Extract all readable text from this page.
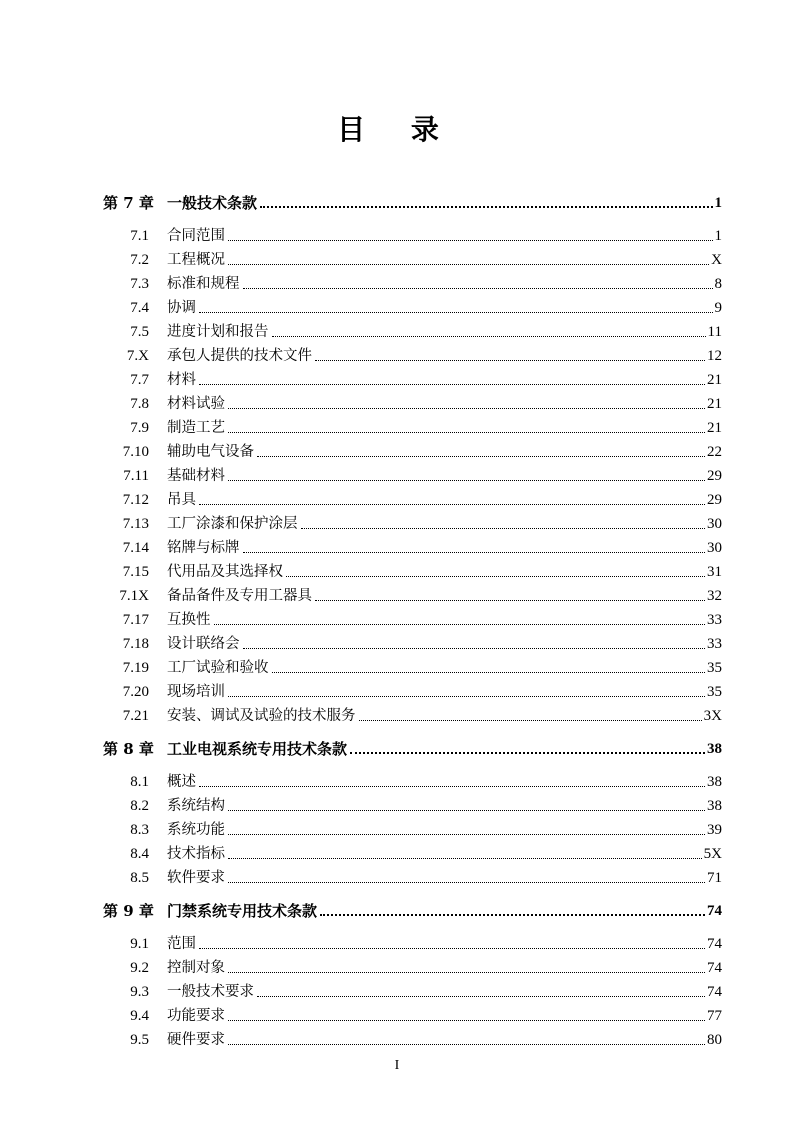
目 录
第 7 章 一般技术条款	1
7.1 合同范围	1
7.2 工程概况	X
7.3 标准和规程	8
7.4 协调	9
7.5 进度计划和报告	11
7.X 承包人提供的技术文件	12
7.7 材料	21
7.8 材料试验	21
7.9 制造工艺	21
7.10 辅助电气设备	22
7.11 基础材料	29
7.12 吊具	29
7.13 工厂涂漆和保护涂层	30
7.14 铭牌与标牌	30
7.15 代用品及其选择权	31
7.1X 备品备件及专用工器具	32
7.17 互换性	33
7.18 设计联络会	33
7.19 工厂试验和验收	35
7.20 现场培训	35
7.21 安装、调试及试验的技术服务	3X
第 8 章 工业电视系统专用技术条款	38
8.1 概述	38
8.2 系统结构	38
8.3 系统功能	39
8.4 技术指标	5X
8.5 软件要求	71
第 9 章 门禁系统专用技术条款	74
9.1 范围	74
9.2 控制对象	74
9.3 一般技术要求	74
9.4 功能要求	77
9.5 硬件要求	80
I
